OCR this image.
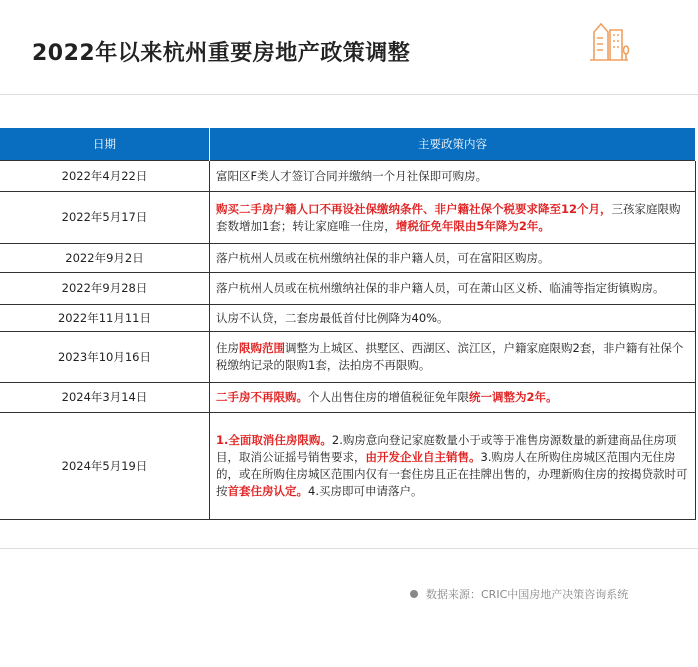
2022年以来杭州重要房地产政策调整
日期	主要政策内容
2022年4月22日	富阳区F类人才签订合同并缴纳一个月社保即可购房。
2022年5月17日	购买二手房户籍人口不再设社保缴纳条件、非户籍社保个税要求降至12个月，三孩家庭限购套数增加1套；转让家庭唯一住房，增税征免年限由5年降为2年。
2022年9月2日	落户杭州人员或在杭州缴纳社保的非户籍人员，可在富阳区购房。
2022年9月28日	落户杭州人员或在杭州缴纳社保的非户籍人员，可在萧山区义桥、临浦等指定街镇购房。
2022年11月11日	认房不认贷，二套房最低首付比例降为40%。
2023年10月16日	住房限购范围调整为上城区、拱墅区、西湖区、滨江区，户籍家庭限购2套，非户籍有社保个税缴纳记录的限购1套，法拍房不再限购。
2024年3月14日	二手房不再限购。个人出售住房的增值税征免年限统一调整为2年。
2024年5月19日	1.全面取消住房限购。2.购房意向登记家庭数量小于或等于准售房源数量的新建商品住房项目，取消公证摇号销售要求，由开发企业自主销售。3.购房人在所购住房城区范围内无住房的，或在所购住房城区范围内仅有一套住房且正在挂牌出售的，办理新购住房的按揭贷款时可按首套住房认定。4.买房即可申请落户。
数据来源：CRIC中国房地产决策咨询系统
